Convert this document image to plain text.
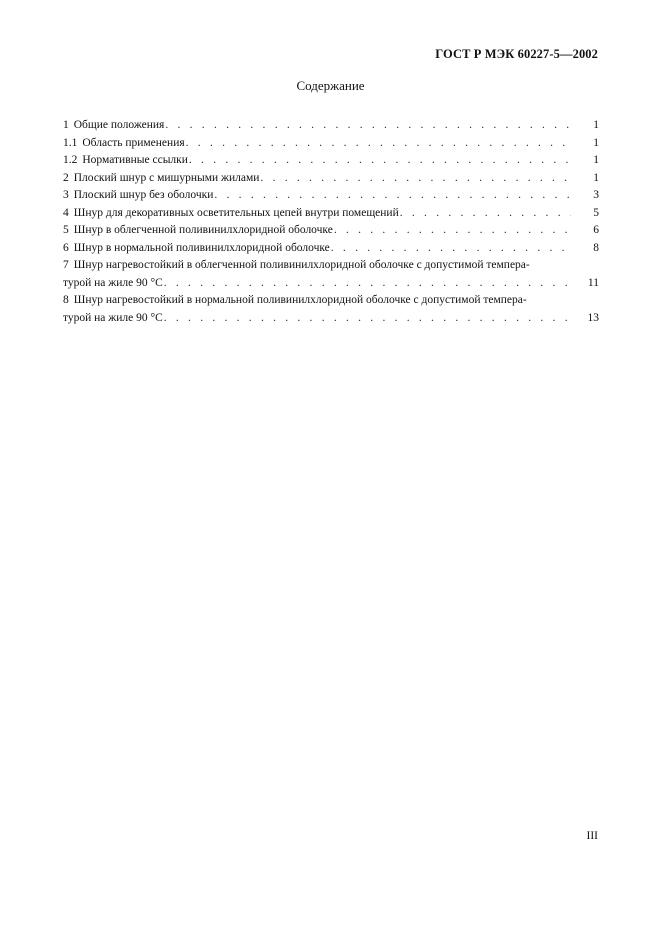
ГОСТ Р МЭК 60227-5—2002
Содержание
1 Общие положения . . .	1
1.1 Область применения . . .	1
1.2 Нормативные ссылки . . .	1
2 Плоский шнур с мишурными жилами . . .	1
3 Плоский шнур без оболочки . . .	3
4 Шнур для декоративных осветительных цепей внутри помещений . . .	5
5 Шнур в облегченной поливинилхлоридной оболочке . . .	6
6 Шнур в нормальной поливинилхлоридной оболочке . . .	8
7 Шнур нагревостойкий в облегченной поливинилхлоридной оболочке с допустимой темпера-
турой на жиле 90 °С . . .	11
8 Шнур нагревостойкий в нормальной поливинилхлоридной оболочке с допустимой темпера-
турой на жиле 90 °С . . .	13
III
